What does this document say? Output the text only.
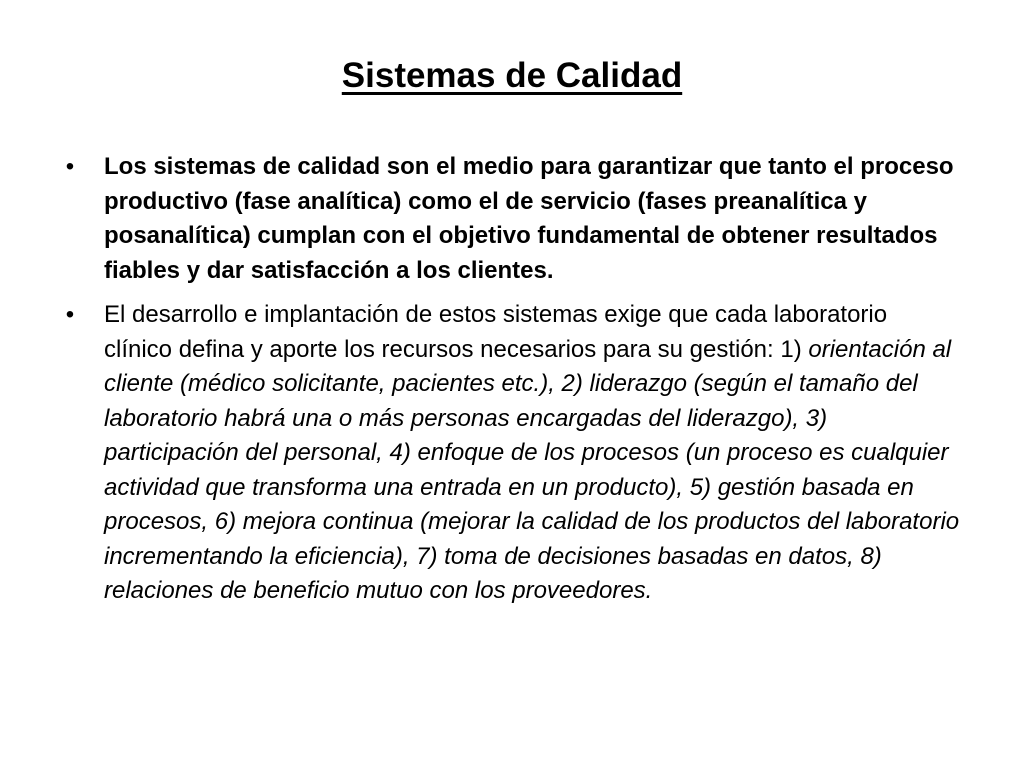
Sistemas de Calidad
• Los sistemas de calidad son el medio para garantizar que tanto el proceso productivo (fase analítica) como el de servicio (fases preanalítica y posanalítica) cumplan con el objetivo fundamental de obtener resultados fiables y dar satisfacción a los clientes.
• El desarrollo e implantación de estos sistemas exige que cada laboratorio clínico defina y aporte los recursos necesarios para su gestión: 1) orientación al cliente (médico solicitante, pacientes etc.), 2) liderazgo (según el tamaño del laboratorio habrá una o más personas encargadas del liderazgo), 3) participación del personal, 4) enfoque de los procesos (un proceso es cualquier actividad que transforma una entrada en un producto), 5) gestión basada en procesos, 6) mejora continua (mejorar la calidad de los productos del laboratorio incrementando la eficiencia), 7) toma de decisiones basadas en datos, 8) relaciones de beneficio mutuo con los proveedores.
